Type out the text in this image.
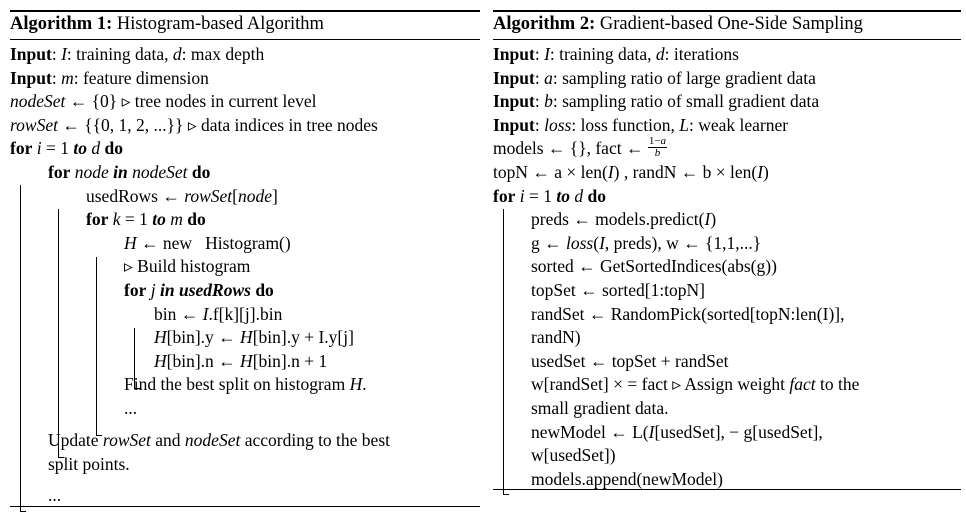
Algorithm 1: Histogram-based Algorithm
Input: I: training data, d: max depth
Input: m: feature dimension
nodeSet ← {0} ▹ tree nodes in current level
rowSet ← {{0, 1, 2, ...}} ▹ data indices in tree nodes
for i = 1 to d do
for node in nodeSet do
usedRows ← rowSet[node]
for k = 1 to m do
H ← new   Histogram()
▹ Build histogram
for j in usedRows do
bin ← I.f[k][j].bin
H[bin].y ← H[bin].y + I.y[j]
H[bin].n ← H[bin].n + 1
Find the best split on histogram H.
...
Update rowSet and nodeSet according to the best
split points.
...
Algorithm 2: Gradient-based One-Side Sampling
Input: I: training data, d: iterations
Input: a: sampling ratio of large gradient data
Input: b: sampling ratio of small gradient data
Input: loss: loss function, L: weak learner
models ← {}, fact ← $\frac{1-a}{b}$
topN ← a × len(I) , randN ← b × len(I)
for i = 1 to d do
preds ← models.predict(I)
g ← loss(I, preds), w ← {1,1,...}
sorted ← GetSortedIndices(abs(g))
topSet ← sorted[1:topN]
randSet ← RandomPick(sorted[topN:len(I)],
randN)
usedSet ← topSet + randSet
w[randSet] × = fact ▹ Assign weight fact to the
small gradient data.
newModel ← L(I[usedSet], − g[usedSet],
w[usedSet])
models.append(newModel)
